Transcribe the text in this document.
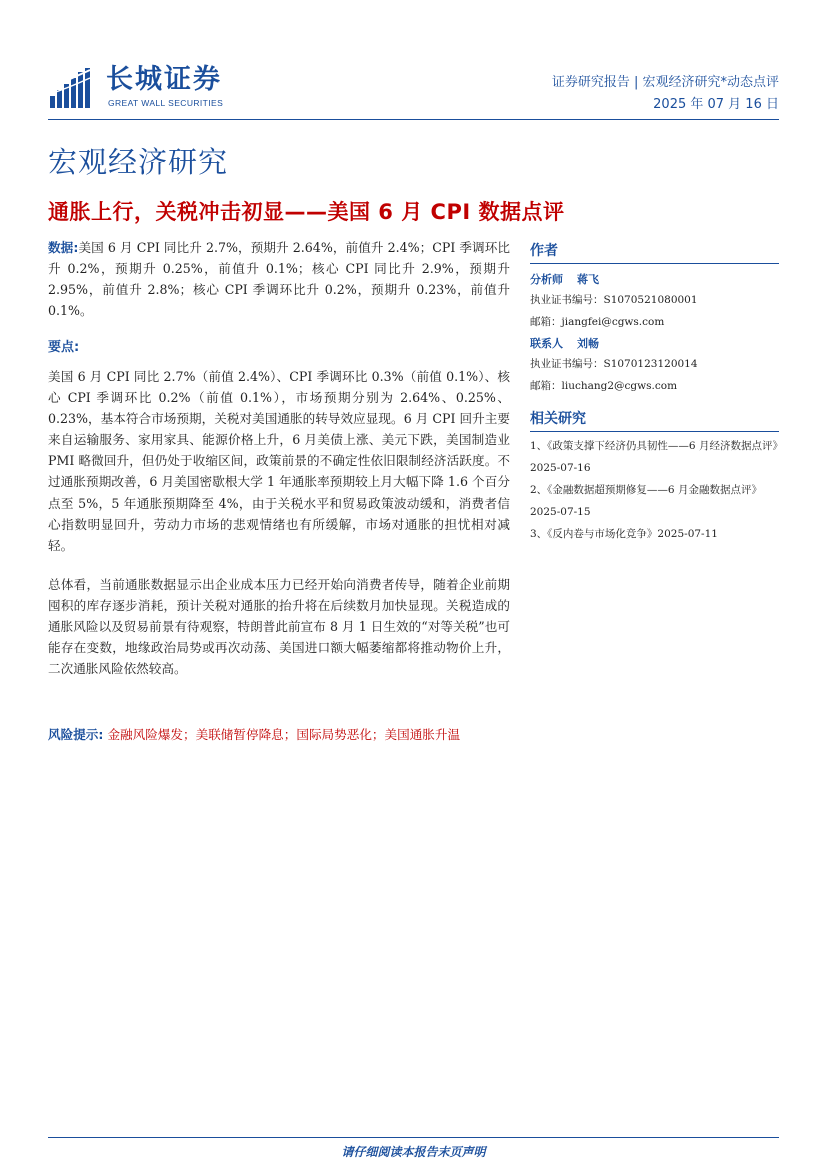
长城证券
GREAT WALL SECURITIES
证券研究报告 | 宏观经济研究*动态点评
2025 年 07 月 16 日
宏观经济研究
通胀上行，关税冲击初显——美国 6 月 CPI 数据点评

数据:美国 6 月 CPI 同比升 2.7%，预期升 2.64%，前值升 2.4%；CPI 季调环比升 0.2%，预期升 0.25%，前值升 0.1%；核心 CPI 同比升 2.9%，预期升 2.95%，前值升 2.8%；核心 CPI 季调环比升 0.2%，预期升 0.23%，前值升 0.1%。

要点:
美国 6 月 CPI 同比 2.7%（前值 2.4%）、CPI 季调环比 0.3%（前值 0.1%）、核心 CPI 季调环比 0.2%（前值 0.1%），市场预期分别为 2.64%、0.25%、0.23%，基本符合市场预期，关税对美国通胀的转导效应显现。6 月 CPI 回升主要来自运输服务、家用家具、能源价格上升，6 月美债上涨、美元下跌，美国制造业 PMI 略微回升，但仍处于收缩区间，政策前景的不确定性依旧限制经济活跃度。不过通胀预期改善，6 月美国密歇根大学 1 年通胀率预期较上月大幅下降 1.6 个百分点至 5%，5 年通胀预期降至 4%，由于关税水平和贸易政策波动缓和，消费者信心指数明显回升，劳动力市场的悲观情绪也有所缓解，市场对通胀的担忧相对减轻。
总体看，当前通胀数据显示出企业成本压力已经开始向消费者传导，随着企业前期囤积的库存逐步消耗，预计关税对通胀的抬升将在后续数月加快显现。关税造成的通胀风险以及贸易前景有待观察，特朗普此前宣布 8 月 1 日生效的“对等关税”也可能存在变数，地缘政治局势或再次动荡、美国进口额大幅萎缩都将推动物价上升，二次通胀风险依然较高。
风险提示: 金融风险爆发；美联储暂停降息；国际局势恶化；美国通胀升温
作者
分析师 蒋飞
执业证书编号：S1070521080001
邮箱：jiangfei@cgws.com
联系人 刘畅
执业证书编号：S1070123120014
邮箱：liuchang2@cgws.com
相关研究
1、《政策支撑下经济仍具韧性——6 月经济数据点评》2025-07-16
2、《金融数据超预期修复——6 月金融数据点评》2025-07-15
3、《反内卷与市场化竞争》2025-07-11
请仔细阅读本报告末页声明
